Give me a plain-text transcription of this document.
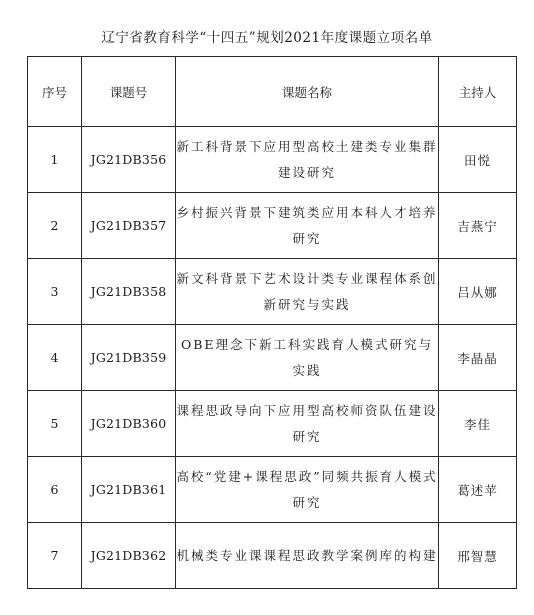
辽宁省教育科学“十四五”规划2021年度课题立项名单
序号	课题号	课题名称	主持人
1	JG21DB356	新工科背景下应用型高校土建类专业集群建设研究	田悦
2	JG21DB357	乡村振兴背景下建筑类应用本科人才培养研究	吉燕宁
3	JG21DB358	新文科背景下艺术设计类专业课程体系创新研究与实践	吕从娜
4	JG21DB359	OBE理念下新工科实践育人模式研究与实践	李晶晶
5	JG21DB360	课程思政导向下应用型高校师资队伍建设研究	李佳
6	JG21DB361	高校“党建+课程思政”同频共振育人模式研究	葛述苹
7	JG21DB362	机械类专业课课程思政教学案例库的构建	邢智慧
